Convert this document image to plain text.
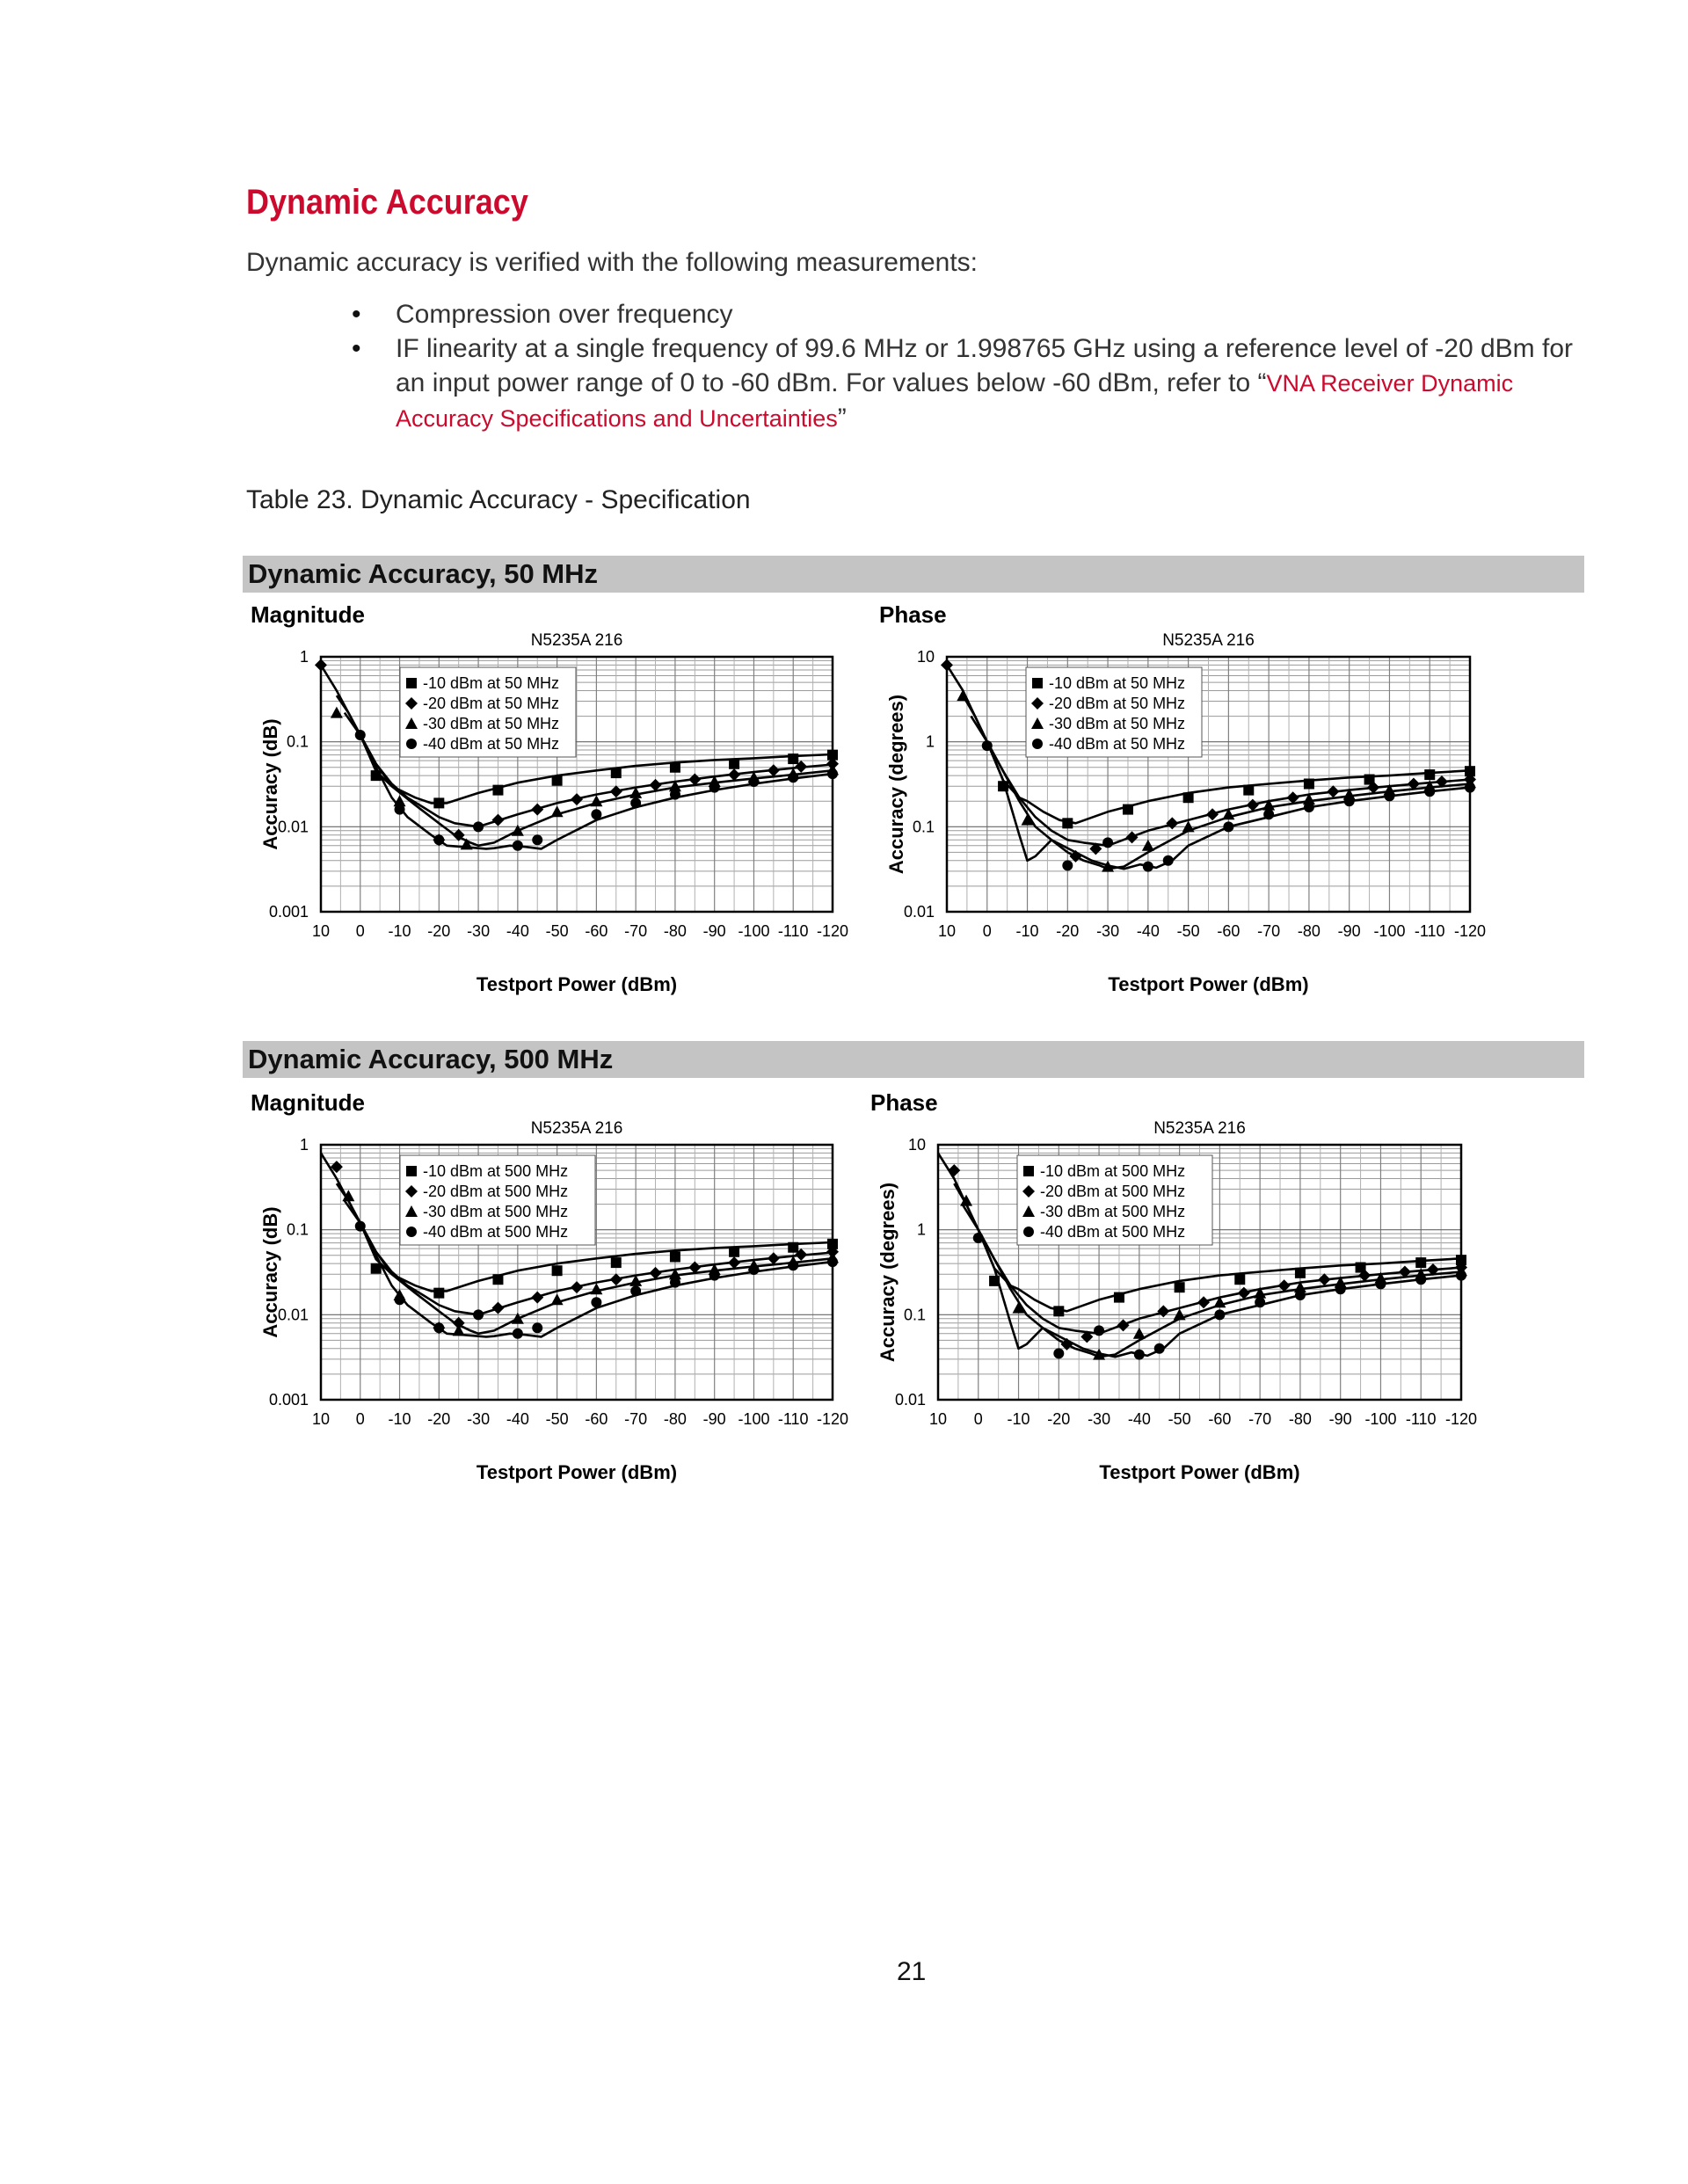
Dynamic Accuracy

Dynamic accuracy is verified with the following measurements:

• Compression over frequency
• IF linearity at a single frequency of 99.6 MHz or 1.998765 GHz using a reference level of -20 dBm for an input power range of 0 to -60 dBm. For values below -60 dBm, refer to “VNA Receiver Dynamic Accuracy Specifications and Uncertainties”

Table 23. Dynamic Accuracy - Specification

Dynamic Accuracy, 50 MHz
Dynamic Accuracy, 500 MHz
Magnitude
N5235A 216
10 0 -10 -20 -30 -40 -50 -60 -70 -80 -90 -100 -110 -120
1
0.1
0.01
0.001
Testport Power (dBm)
Accuracy (dB)
-10 dBm at 50 MHz
-20 dBm at 50 MHz
-30 dBm at 50 MHz
-40 dBm at 50 MHz
Phase
N5235A 216
10 0 -10 -20 -30 -40 -50 -60 -70 -80 -90 -100 -110 -120
10
1
0.1
0.01
Testport Power (dBm)
Accuracy (degrees)
-10 dBm at 50 MHz
-20 dBm at 50 MHz
-30 dBm at 50 MHz
-40 dBm at 50 MHz
Magnitude
N5235A 216
10 0 -10 -20 -30 -40 -50 -60 -70 -80 -90 -100 -110 -120
1
0.1
0.01
0.001
Testport Power (dBm)
Accuracy (dB)
-10 dBm at 500 MHz
-20 dBm at 500 MHz
-30 dBm at 500 MHz
-40 dBm at 500 MHz
Phase
N5235A 216
10 0 -10 -20 -30 -40 -50 -60 -70 -80 -90 -100 -110 -120
10
1
0.1
0.01
Testport Power (dBm)
Accuracy (degrees)
-10 dBm at 500 MHz
-20 dBm at 500 MHz
-30 dBm at 500 MHz
-40 dBm at 500 MHz
21
